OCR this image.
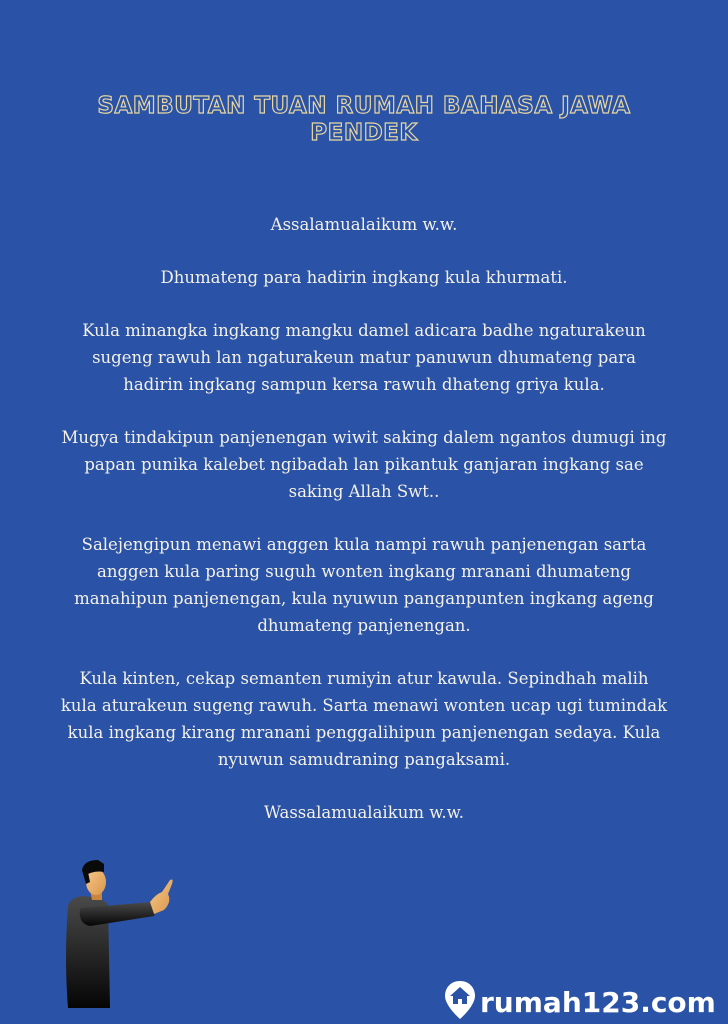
SAMBUTAN TUAN RUMAH BAHASA JAWA PENDEK

Assalamualaikum w.w.

Dhumateng para hadirin ingkang kula khurmati.

Kula minangka ingkang mangku damel adicara badhe ngaturakeun sugeng rawuh lan ngaturakeun matur panuwun dhumateng para hadirin ingkang sampun kersa rawuh dhateng griya kula.

Mugya tindakipun panjenengan wiwit saking dalem ngantos dumugi ing papan punika kalebet ngibadah lan pikantuk ganjaran ingkang sae saking Allah Swt..

Salejengipun menawi anggen kula nampi rawuh panjenengan sarta anggen kula paring suguh wonten ingkang mranani dhumateng manahipun panjenengan, kula nyuwun panganpunten ingkang ageng dhumateng panjenengan.

Kula kinten, cekap semanten rumiyin atur kawula. Sepindhah malih kula aturakeun sugeng rawuh. Sarta menawi wonten ucap ugi tumindak kula ingkang kirang mranani penggalihipun panjenengan sedaya. Kula nyuwun samudraning pangaksami.

Wassalamualaikum w.w.

rumah123.com
